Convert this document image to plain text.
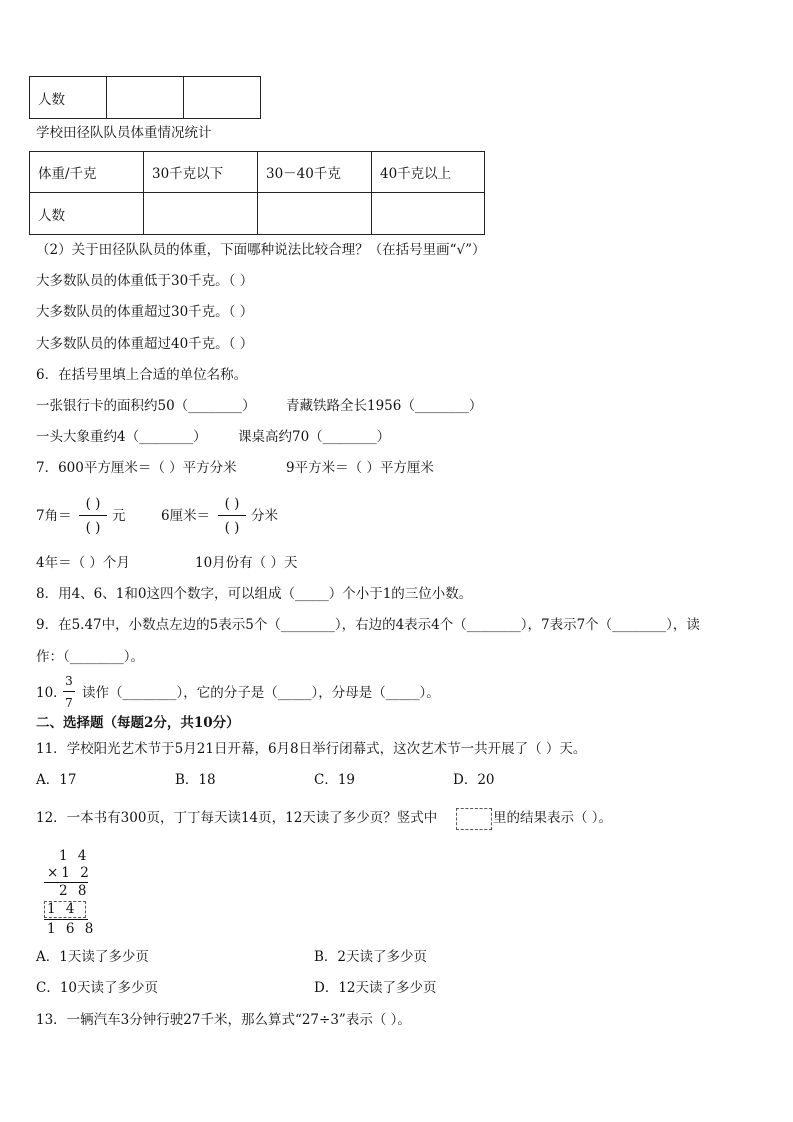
人数		
学校田径队队员体重情况统计
体重/千克	30千克以下	30－40千克	40千克以上
人数			
（2）关于田径队队员的体重，下面哪种说法比较合理？（在括号里画“√”）
大多数队员的体重低于30千克。（ ）
大多数队员的体重超过30千克。（ ）
大多数队员的体重超过40千克。（ ）
6．在括号里填上合适的单位名称。
一张银行卡的面积约50（________） 青藏铁路全长1956（________）
一头大象重约4（________） 课桌高约70（________）
7．600平方厘米＝（ ）平方分米	9平方米＝（ ）平方厘米
7角＝
( )
( )
元	6厘米＝
( )
( )
分米
4年＝（ ）个月	10月份有（ ）天
8．用4、6、1和0这四个数字，可以组成（_____）个小于1的三位小数。
9．在5.47中，小数点左边的5表示5个（________），右边的4表示4个（________），7表示7个（________），读
作：（________）。
10．
3
7
读作（________），它的分子是（_____），分母是（_____）。
二、选择题（每题2分，共10分）
11．学校阳光艺术节于5月21日开幕，6月8日举行闭幕式，这次艺术节一共开展了（ ）天。
A．17	B．18	C．19	D．20
12．一本书有300页，丁丁每天读14页，12天读了多少页？竖式中	里的结果表示（ ）。
1 4
×1 2
2 8
1 4
1 6 8
A．1天读了多少页	B．2天读了多少页
C．10天读了多少页	D．12天读了多少页
13．一辆汽车3分钟行驶27千米，那么算式“27÷3”表示（ ）。
